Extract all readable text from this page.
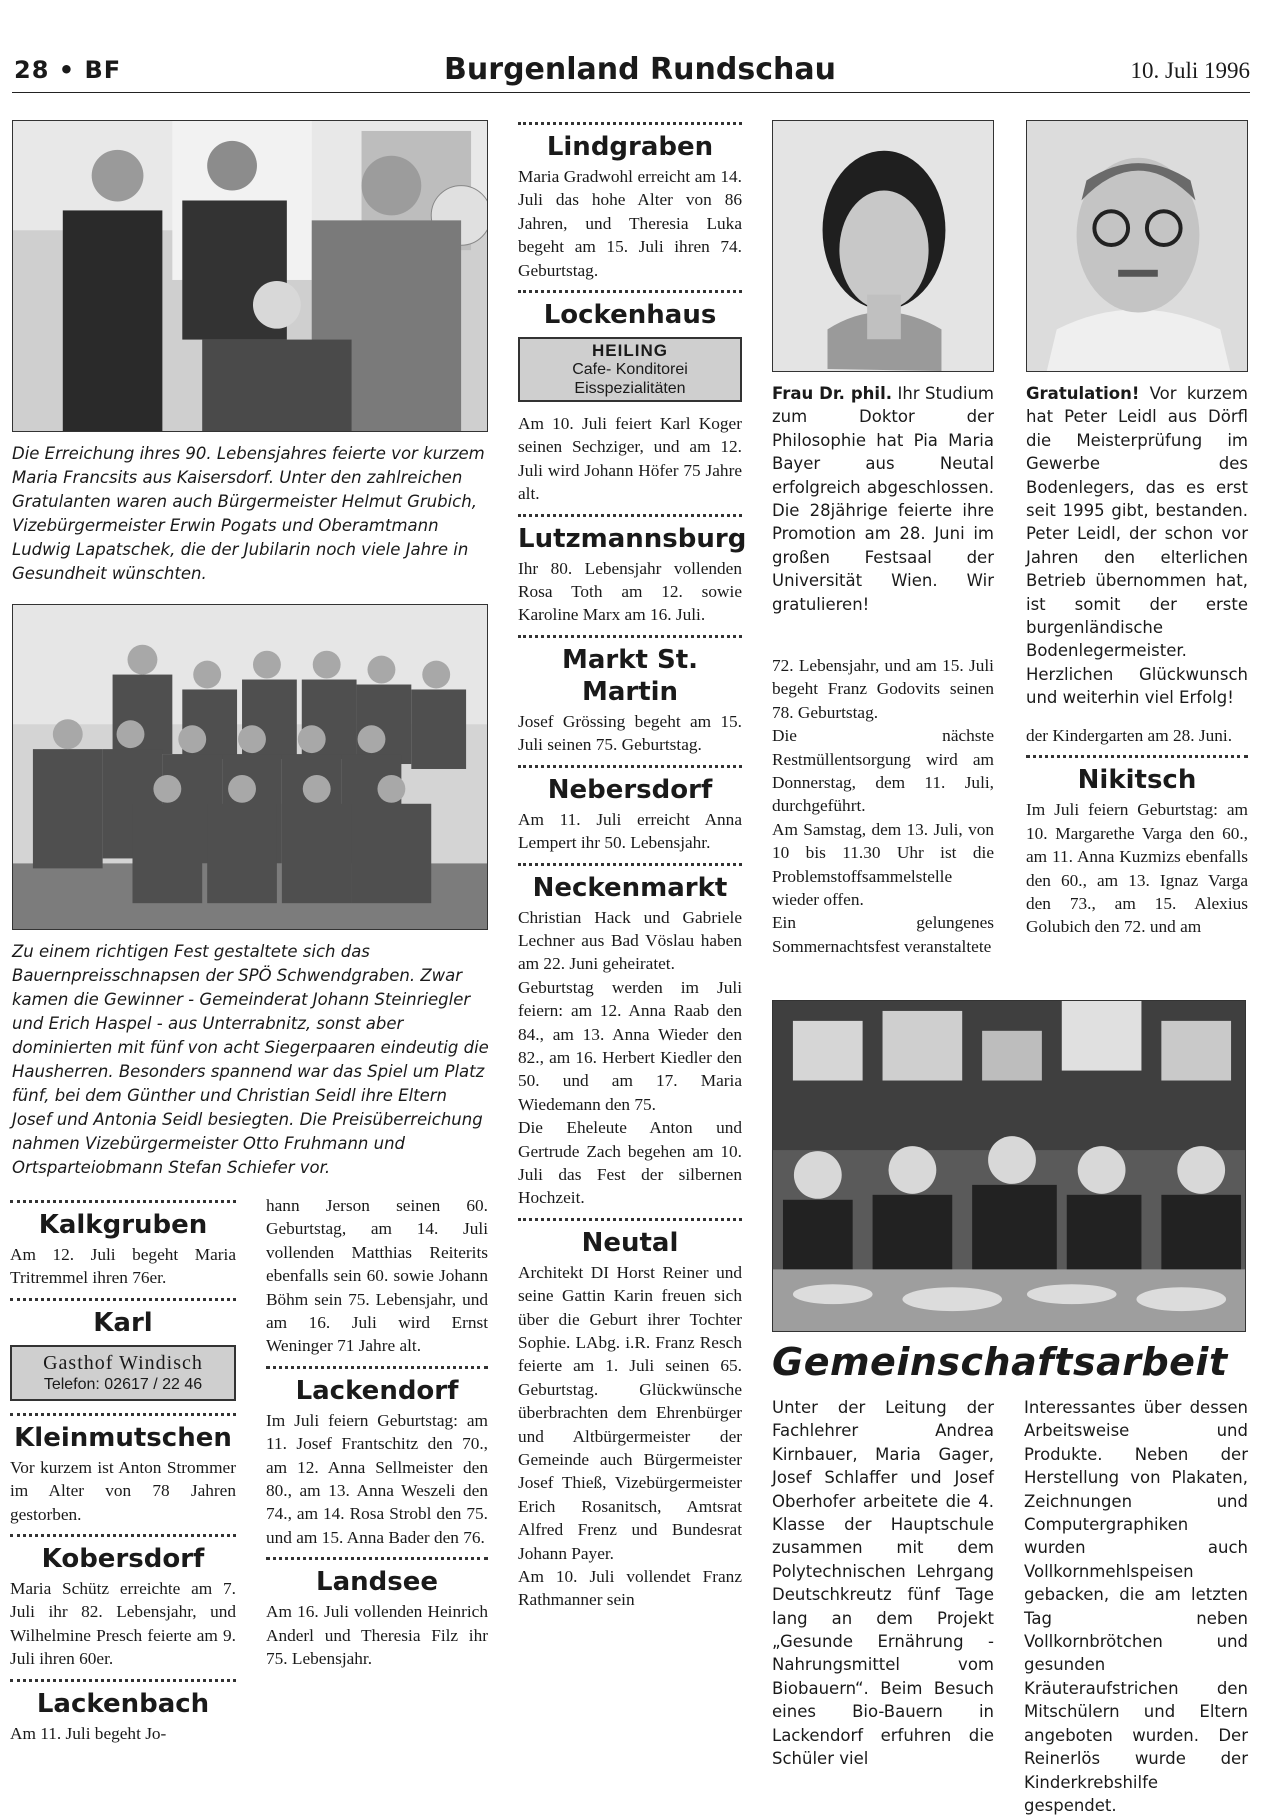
28 • BF	Burgenland Rundschau	10. Juli 1996
Die Erreichung ihres 90. Lebensjahres feierte vor kurzem Maria Francsits aus Kaisersdorf. Unter den zahlreichen Gratulanten waren auch Bürgermeister Helmut Grubich, Vizebürgermeister Erwin Pogats und Oberamtmann Ludwig Lapatschek, die der Jubilarin noch viele Jahre in Gesundheit wünschten.
Zu einem richtigen Fest gestaltete sich das Bauernpreisschnapsen der SPÖ Schwendgraben. Zwar kamen die Gewinner - Gemeinderat Johann Steinriegler und Erich Haspel - aus Unterrabnitz, sonst aber dominierten mit fünf von acht Siegerpaaren eindeutig die Hausherren. Besonders spannend war das Spiel um Platz fünf, bei dem Günther und Christian Seidl ihre Eltern Josef und Antonia Seidl besiegten. Die Preisüberreichung nahmen Vizebürgermeister Otto Fruhmann und Ortsparteiobmann Stefan Schiefer vor.
Kalkgruben

Am 12. Juli begeht Maria Tritremmel ihren 76er.

Karl
Gasthof Windisch
Telefon: 02617 / 22 46
Kleinmutschen

Vor kurzem ist Anton Strommer im Alter von 78 Jahren gestorben.

Kobersdorf

Maria Schütz erreichte am 7. Juli ihr 82. Lebensjahr, und Wilhelmine Presch feierte am 9. Juli ihren 60er.

Lackenbach

Am 11. Juli begeht Jo-

hann Jerson seinen 60. Geburtstag, am 14. Juli vollenden Matthias Reiterits ebenfalls sein 60. sowie Johann Böhm sein 75. Lebensjahr, und am 16. Juli wird Ernst Weninger 71 Jahre alt.

Lackendorf

Im Juli feiern Geburtstag: am 11. Josef Frantschitz den 70., am 12. Anna Sellmeister den 80., am 13. Anna Weszeli den 74., am 14. Rosa Strobl den 75. und am 15. Anna Bader den 76.

Landsee

Am 16. Juli vollenden Heinrich Anderl und Theresia Filz ihr 75. Lebensjahr.

Lindgraben

Maria Gradwohl erreicht am 14. Juli das hohe Alter von 86 Jahren, und Theresia Luka begeht am 15. Juli ihren 74. Geburtstag.

Lockenhaus
HEILING
Cafe- Konditorei
Eisspezialitäten

Am 10. Juli feiert Karl Koger seinen Sechziger, und am 12. Juli wird Johann Höfer 75 Jahre alt.

Lutzmannsburg

Ihr 80. Lebensjahr vollenden Rosa Toth am 12. sowie Karoline Marx am 16. Juli.

Markt St. Martin

Josef Grössing begeht am 15. Juli seinen 75. Geburtstag.

Nebersdorf

Am 11. Juli erreicht Anna Lempert ihr 50. Lebensjahr.

Neckenmarkt

Christian Hack und Gabriele Lechner aus Bad Vöslau haben am 22. Juni geheiratet.

Geburtstag werden im Juli feiern: am 12. Anna Raab den 84., am 13. Anna Wieder den 82., am 16. Herbert Kiedler den 50. und am 17. Maria Wiedemann den 75.

Die Eheleute Anton und Gertrude Zach begehen am 10. Juli das Fest der silbernen Hochzeit.

Neutal

Architekt DI Horst Reiner und seine Gattin Karin freuen sich über die Geburt ihrer Tochter Sophie. LAbg. i.R. Franz Resch feierte am 1. Juli seinen 65. Geburtstag. Glückwünsche überbrachten dem Ehrenbürger und Altbürgermeister der Gemeinde auch Bürgermeister Josef Thieß, Vizebürgermeister Erich Rosanitsch, Amtsrat Alfred Frenz und Bundesrat Johann Payer.

Am 10. Juli vollendet Franz Rathmanner sein

Frau Dr. phil. Ihr Studium zum Doktor der Philosophie hat Pia Maria Bayer aus Neutal erfolgreich abgeschlossen. Die 28jährige feierte ihre Promotion am 28. Juni im großen Festsaal der Universität Wien. Wir gratulieren!

72. Lebensjahr, und am 15. Juli begeht Franz Godovits seinen 78. Geburtstag.

Die nächste Restmüllentsorgung wird am Donnerstag, dem 11. Juli, durchgeführt.

Am Samstag, dem 13. Juli, von 10 bis 11.30 Uhr ist die Problemstoffsammelstelle wieder offen.

Ein gelungenes Sommernachtsfest veranstaltete

Gratulation! Vor kurzem hat Peter Leidl aus Dörfl die Meisterprüfung im Gewerbe des Bodenlegers, das es erst seit 1995 gibt, bestanden. Peter Leidl, der schon vor Jahren den elterlichen Betrieb übernommen hat, ist somit der erste burgenländische Bodenlegermeister. Herzlichen Glückwunsch und weiterhin viel Erfolg!

der Kindergarten am 28. Juni.

Nikitsch

Im Juli feiern Geburtstag: am 10. Margarethe Varga den 60., am 11. Anna Kuzmizs ebenfalls den 60., am 13. Ignaz Varga den 73., am 15. Alexius Golubich den 72. und am

Gemeinschaftsarbeit
Unter der Leitung der Fachlehrer Andrea Kirnbauer, Maria Gager, Josef Schlaffer und Josef Oberhofer arbeitete die 4. Klasse der Hauptschule zusammen mit dem Polytechnischen Lehrgang Deutschkreutz fünf Tage lang an dem Projekt „Gesunde Ernährung - Nahrungsmittel vom Biobauern“. Beim Besuch eines Bio-Bauern in Lackendorf erfuhren die Schüler viel
Interessantes über dessen Arbeitsweise und Produkte. Neben der Herstellung von Plakaten, Zeichnungen und Computergraphiken wurden auch Vollkornmehlspeisen gebacken, die am letzten Tag neben Vollkornbrötchen und gesunden Kräuteraufstrichen den Mitschülern und Eltern angeboten wurden. Der Reinerlös wurde der Kinderkrebshilfe gespendet.
